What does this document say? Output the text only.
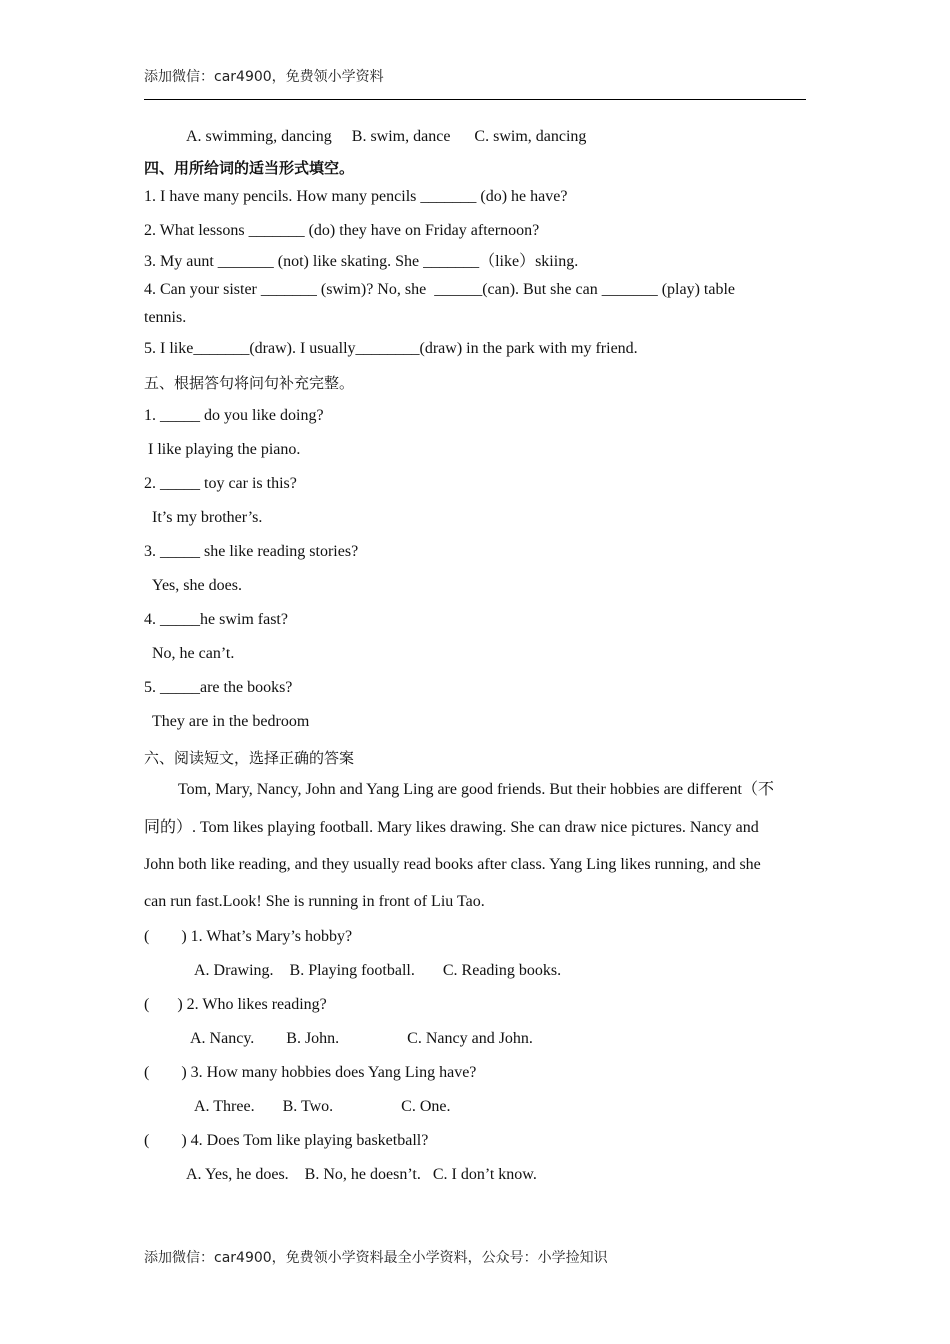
添加微信：car4900，免费领小学资料
A. swimming, dancing     B. swim, dance      C. swim, dancing
四、用所给词的适当形式填空。
1. I have many pencils. How many pencils _______ (do) he have?
2. What lessons _______ (do) they have on Friday afternoon?
3. My aunt _______ (not) like skating. She _______（like）skiing.
4. Can your sister _______ (swim)? No, she  ______(can). But she can _______ (play) table
tennis.
5. I like_______(draw). I usually________(draw) in the park with my friend.
五、根据答句将问句补充完整。
1. _____ do you like doing?
I like playing the piano.
2. _____ toy car is this?
It’s my brother’s.
3. _____ she like reading stories?
Yes, she does.
4. _____he swim fast?
No, he can’t.
5. _____are the books?
They are in the bedroom
六、阅读短文，选择正确的答案
Tom, Mary, Nancy, John and Yang Ling are good friends. But their hobbies are different（不
同的）. Tom likes playing football. Mary likes drawing. She can draw nice pictures. Nancy and
John both like reading, and they usually read books after class. Yang Ling likes running, and she
can run fast.Look! She is running in front of Liu Tao.
(        ) 1. What’s Mary’s hobby?
A. Drawing.    B. Playing football.       C. Reading books.
(       ) 2. Who likes reading?
A. Nancy.        B. John.                 C. Nancy and John.
(        ) 3. How many hobbies does Yang Ling have?
A. Three.       B. Two.                 C. One.
(        ) 4. Does Tom like playing basketball?
A. Yes, he does.    B. No, he doesn’t.   C. I don’t know.
添加微信：car4900，免费领小学资料最全小学资料，公众号：小学捡知识
